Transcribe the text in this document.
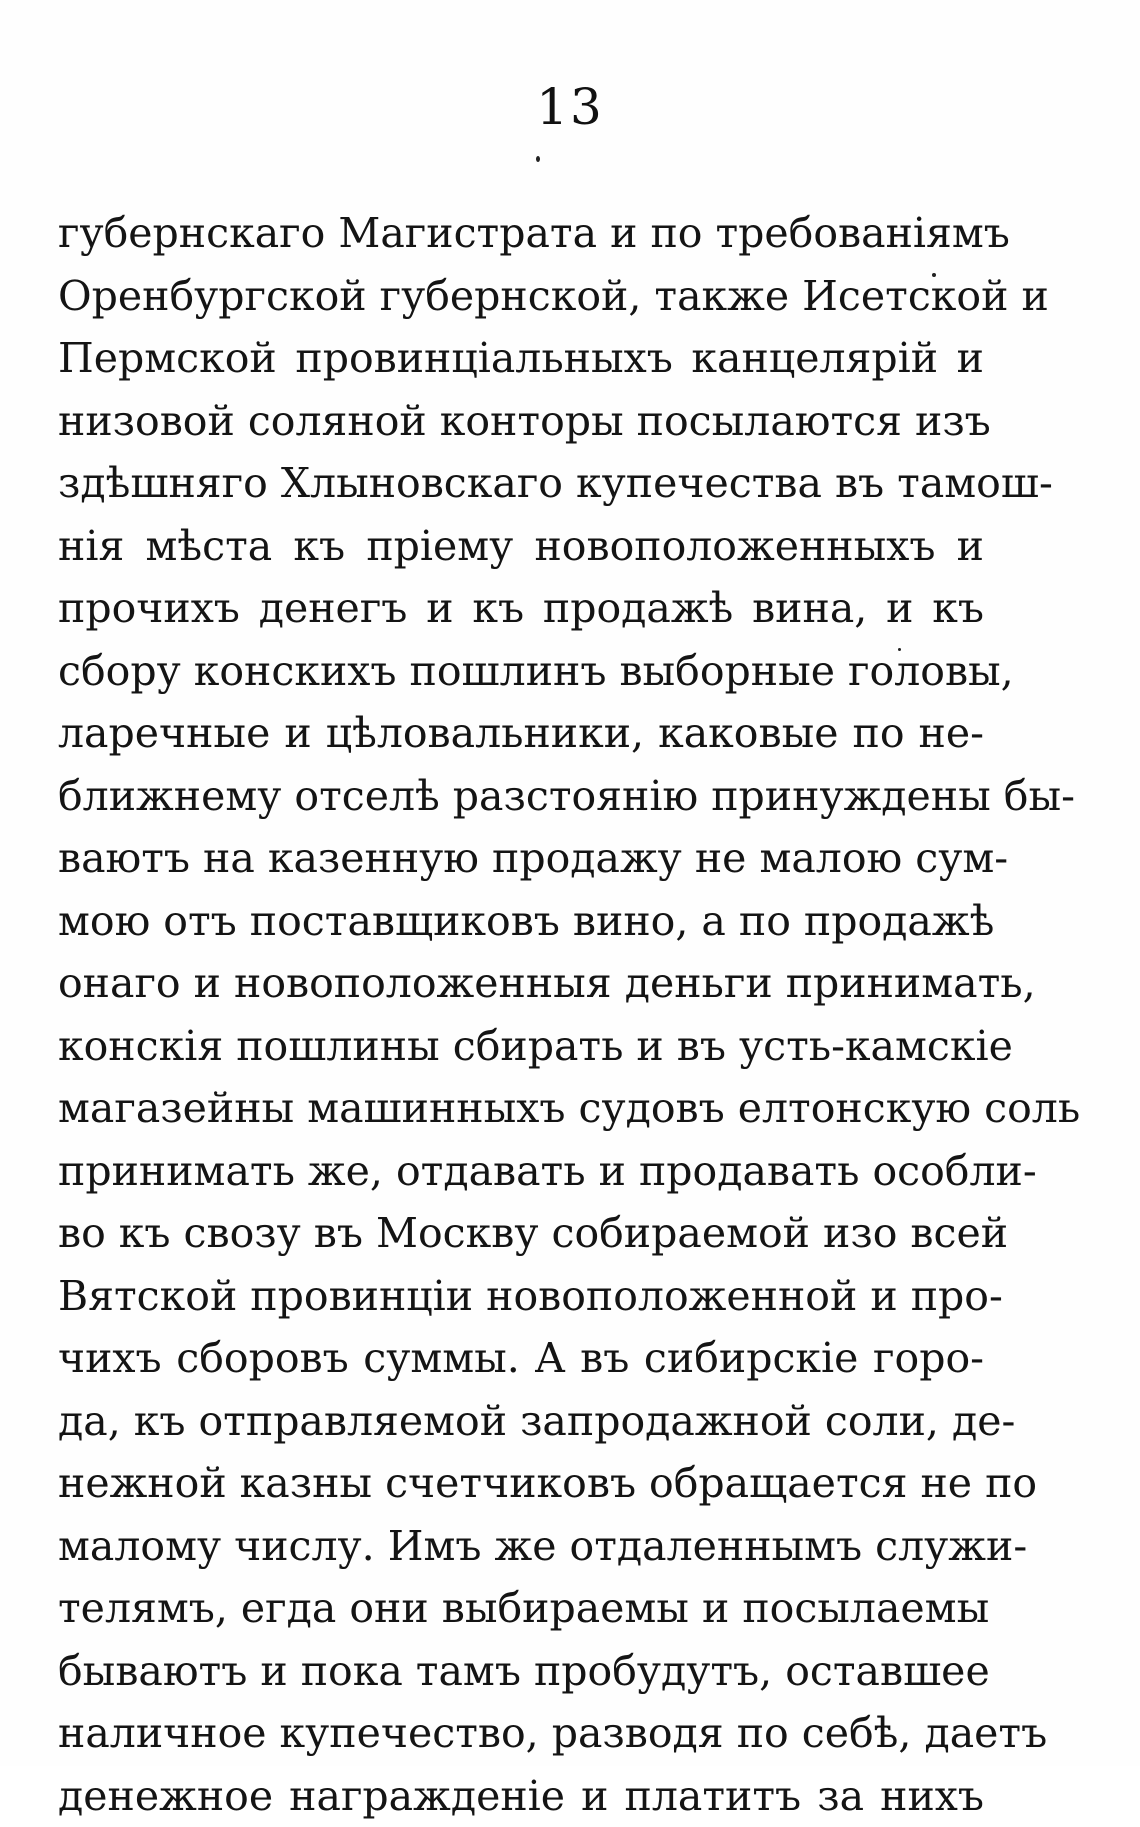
13
губернскаго Магистрата и по требованіямъ
Оренбургской губернской, также Исетской и
Пермской провинціальныхъ канцелярій и
низовой соляной конторы посылаются изъ
здѣшняго Хлыновскаго купечества въ тамош-
нія мѣста къ пріему новоположенныхъ и
прочихъ денегъ и къ продажѣ вина, и къ
сбору конскихъ пошлинъ выборные головы,
ларечные и цѣловальники, каковые по не-
ближнему отселѣ разстоянію принуждены бы-
ваютъ на казенную продажу не малою сум-
мою отъ поставщиковъ вино, а по продажѣ
онаго и новоположенныя деньги принимать,
конскія пошлины сбирать и въ усть-камскіе
магазейны машинныхъ судовъ елтонскую соль
принимать же, отдавать и продавать особли-
во къ свозу въ Москву собираемой изо всей
Вятской провинціи новоположенной и про-
чихъ сборовъ суммы. А въ сибирскіе горо-
да, къ отправляемой запродажной соли, де-
нежной казны счетчиковъ обращается не по
малому числу. Имъ же отдаленнымъ служи-
телямъ, егда они выбираемы и посылаемы
бываютъ и пока тамъ пробудутъ, оставшее
наличное купечество, разводя по себѣ, даетъ
денежное награжденіе и платитъ за нихъ
